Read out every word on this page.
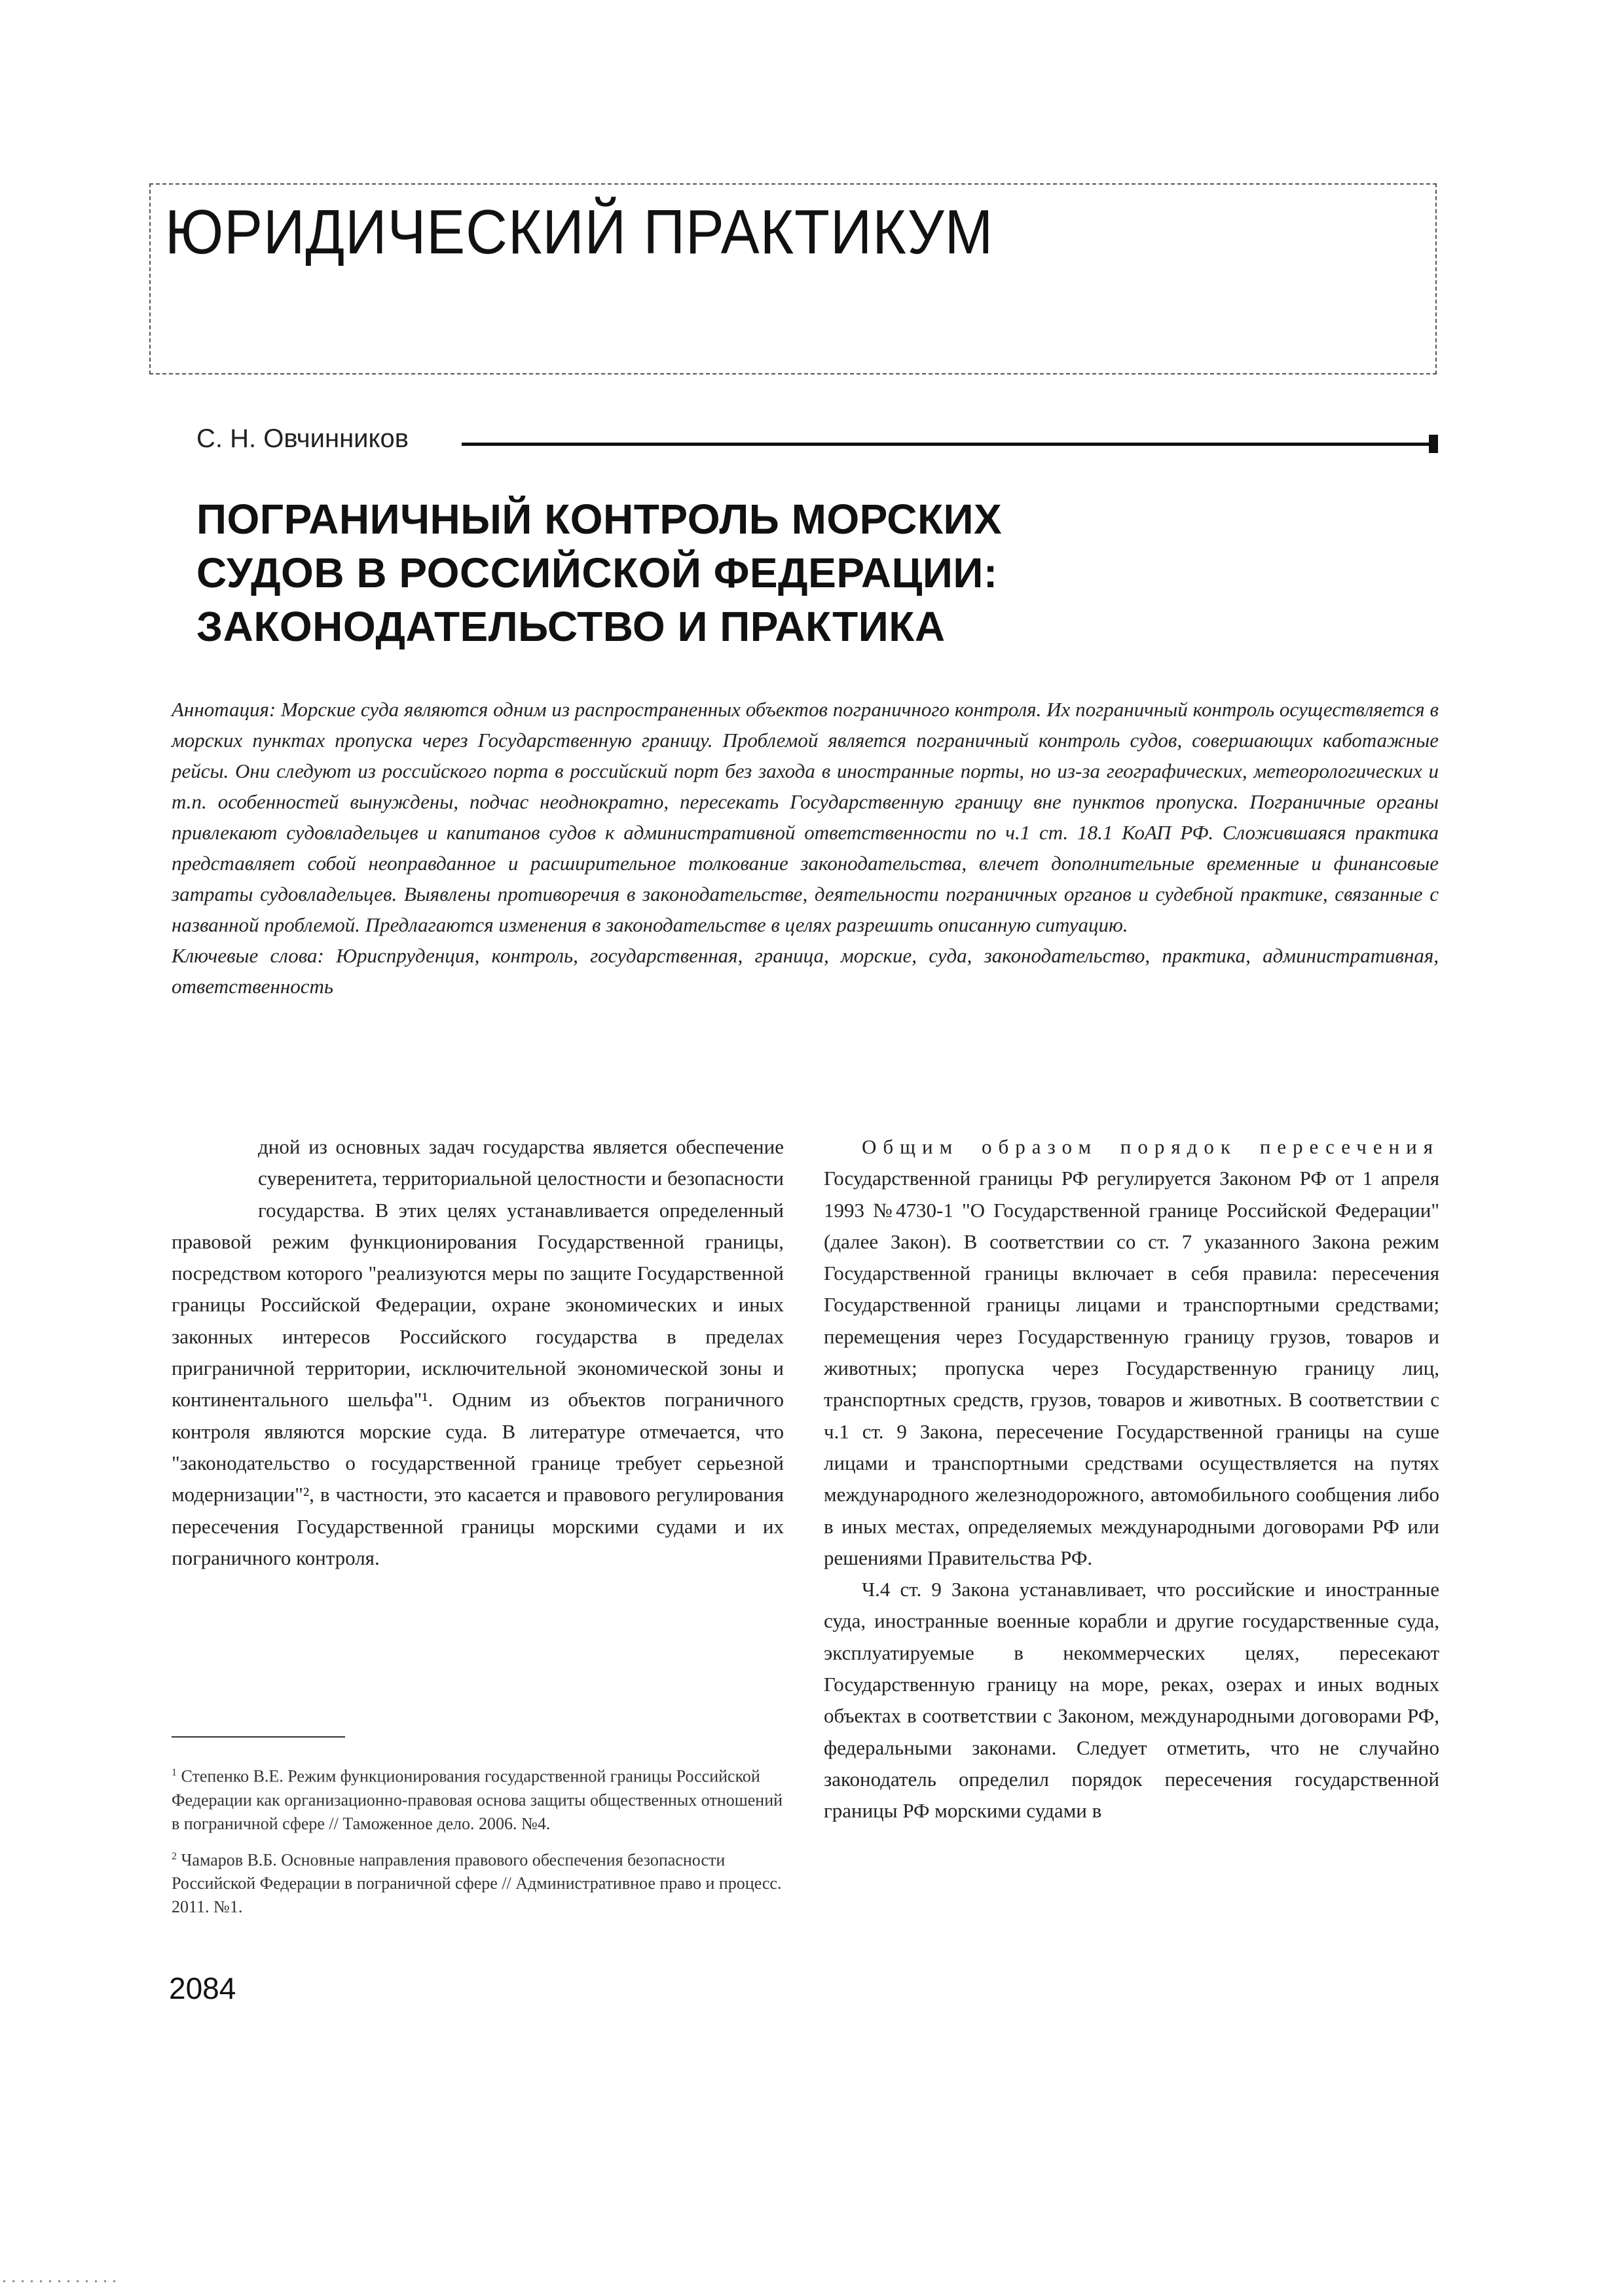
ЮРИДИЧЕСКИЙ ПРАКТИКУМ
С. Н. Овчинников
ПОГРАНИЧНЫЙ КОНТРОЛЬ МОРСКИХ
СУДОВ В РОССИЙСКОЙ ФЕДЕРАЦИИ:
ЗАКОНОДАТЕЛЬСТВО И ПРАКТИКА

Аннотация: Морские суда являются одним из распространенных объектов пограничного контроля. Их пограничный контроль осуществляется в морских пунктах пропуска через Государственную границу. Проблемой является пограничный контроль судов, совершающих каботажные рейсы. Они следуют из российского порта в российский порт без захода в иностранные порты, но из-за географических, метеорологических и т.п. особенностей вынуждены, подчас неоднократно, пересекать Государственную границу вне пунктов пропуска. Пограничные органы привлекают судовладельцев и капитанов судов к административной ответственности по ч.1 ст. 18.1 КоАП РФ. Сложившаяся практика представляет собой неоправданное и расширительное толкование законодательства, влечет дополнительные временные и финансовые затраты судовладельцев. Выявлены противоречия в законодательстве, деятельности пограничных органов и судебной практике, связанные с названной проблемой. Предлагаются изменения в законодательстве в целях разрешить описанную ситуацию.

Ключевые слова: Юриспруденция, контроль, государственная, граница, морские, суда, законодательство, практика, административная, ответственность

дной из основных задач государства является обеспечение суверенитета, территориальной целостности и безопасности государства. В этих целях устанавливается определенный правовой режим функционирования Государственной границы, посредством которого "реализуются меры по защите Государственной границы Российской Федерации, охране экономических и иных законных интересов Российского государства в пределах приграничной территории, исключительной экономической зоны и континентального шельфа"¹. Одним из объектов пограничного контроля являются морские суда. В литературе отмечается, что "законодательство о государственной границе требует серьезной модернизации"², в частности, это касается и правового регулирования пересечения Государственной границы морскими судами и их пограничного контроля.

Общим образом порядок пересечения Государственной границы РФ регулируется Законом РФ от 1 апреля 1993 №4730-1 "О Государственной границе Российской Федерации" (далее Закон). В соответствии со ст. 7 указанного Закона режим Государственной границы включает в себя правила: пересечения Государственной границы лицами и транспортными средствами; перемещения через Государственную границу грузов, товаров и животных; пропуска через Государственную границу лиц, транспортных средств, грузов, товаров и животных. В соответствии с ч.1 ст. 9 Закона, пересечение Государственной границы на суше лицами и транспортными средствами осуществляется на путях международного железнодорожного, автомобильного сообщения либо в иных местах, определяемых международными договорами РФ или решениями Правительства РФ.

Ч.4 ст. 9 Закона устанавливает, что российские и иностранные суда, иностранные военные корабли и другие государственные суда, эксплуатируемые в некоммерческих целях, пересекают Государственную границу на море, реках, озерах и иных водных объектах в соответствии с Законом, международными договорами РФ, федеральными законами. Следует отметить, что не случайно законодатель определил порядок пересечения государственной границы РФ морскими судами в

$^1$ Степенко В.Е. Режим функционирования государственной границы Российской Федерации как организационно-правовая основа защиты общественных отношений в пограничной сфере // Таможенное дело. 2006. №4.

$^2$ Чамаров В.Б. Основные направления правового обеспечения безопасности Российской Федерации в пограничной сфере // Административное право и процесс. 2011. №1.

2084
